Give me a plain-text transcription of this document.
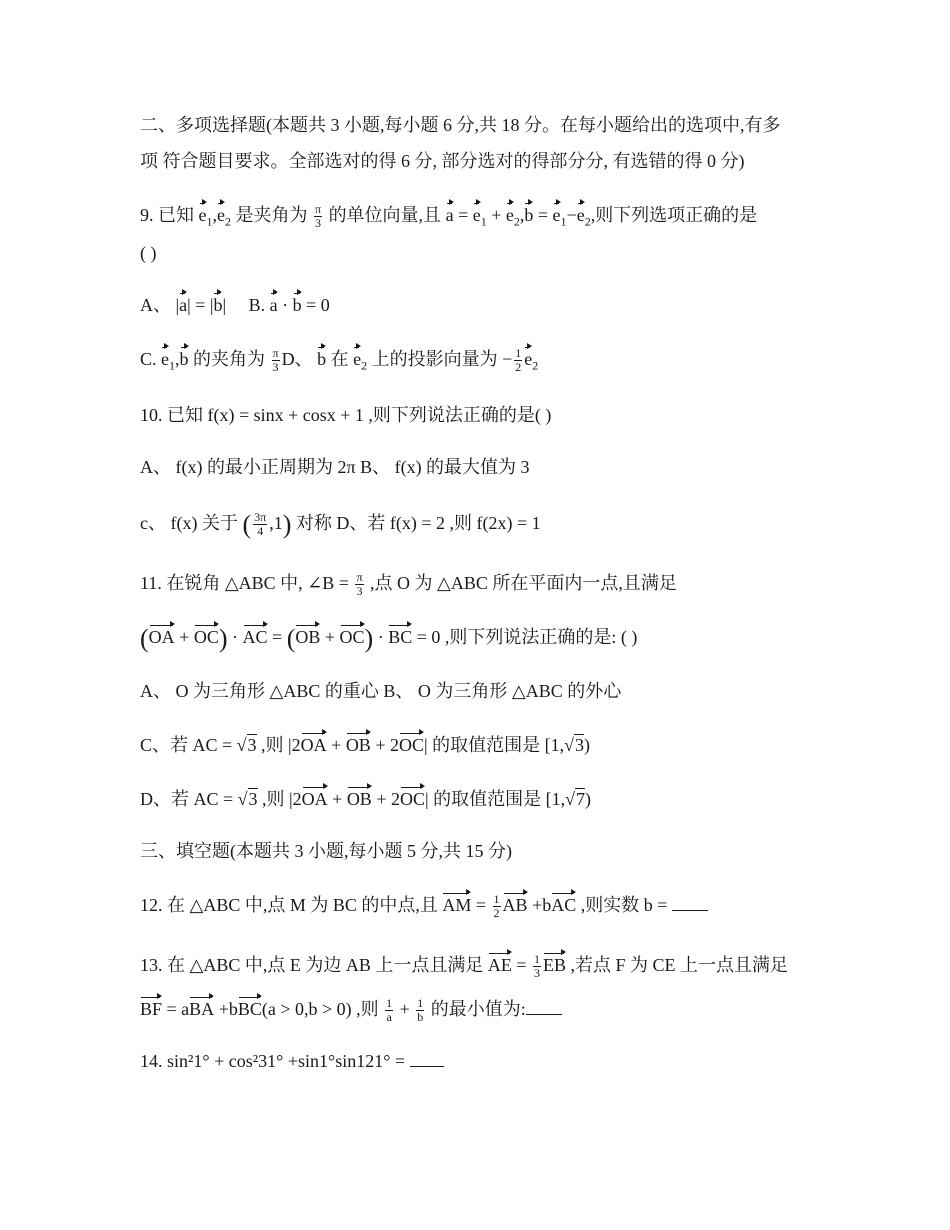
二、多项选择题(本题共 3 小题,每小题 6 分,共 18 分。在每小题给出的选项中,有多
项 符合题目要求。全部选对的得 6 分, 部分选对的得部分分, 有选错的得 0 分)
9. 已知 $e_1,e_2$ 是夹角为 $\frac{\pi}{3}$ 的单位向量,且 $a = e_1 + e_2,b = e_1-e_2$,则下列选项正确的是
( )
A、 |a| = |b| B. a · b = 0
C. $e_1,b$ 的夹角为 $\frac{\pi}{3}$ D、 b 在 $e_2$ 上的投影向量为 − $\frac{1}{2} e_2$
10. 已知 f(x) = sinx + cosx + 1 ,则下列说法正确的是( )
A、 f(x) 的最小正周期为 2π B、 f(x) 的最大值为 3
c、 f(x) 关于 ( $\frac{3\pi}{4} ,1$) 对称 D、若 f(x) = 2 ,则 f(2x) = 1
11. 在锐角 △ABC 中, ∠B = $\frac{\pi}{3}$ ,点 O 为 △ABC 所在平面内一点,且满足
(OA + OC) · AC = (OB + OC) · BC = 0 ,则下列说法正确的是: ( )
A、 O 为三角形 △ABC 的重心 B、 O 为三角形 △ABC 的外心
C、若 AC = √3 ,则 |2OA + OB + 2OC| 的取值范围是 [1,√3)
D、若 AC = √3 ,则 |2OA + OB + 2OC| 的取值范围是 [1,√7)
三、填空题(本题共 3 小题,每小题 5 分,共 15 分)
12. 在 △ABC 中,点 M 为 BC 的中点,且 AM = $\frac{1}{2}$ AB +bAC ,则实数 b =
13. 在 △ABC 中,点 E 为边 AB 上一点且满足 AE = $\frac{1}{3}$ EB ,若点 F 为 CE 上一点且满足
BF = aBA +bBC(a > 0,b > 0) ,则 $\frac{1}{a} + \frac{1}{b}$ 的最小值为:
14. sin²1° + cos²31° +sin1°sin121° =
